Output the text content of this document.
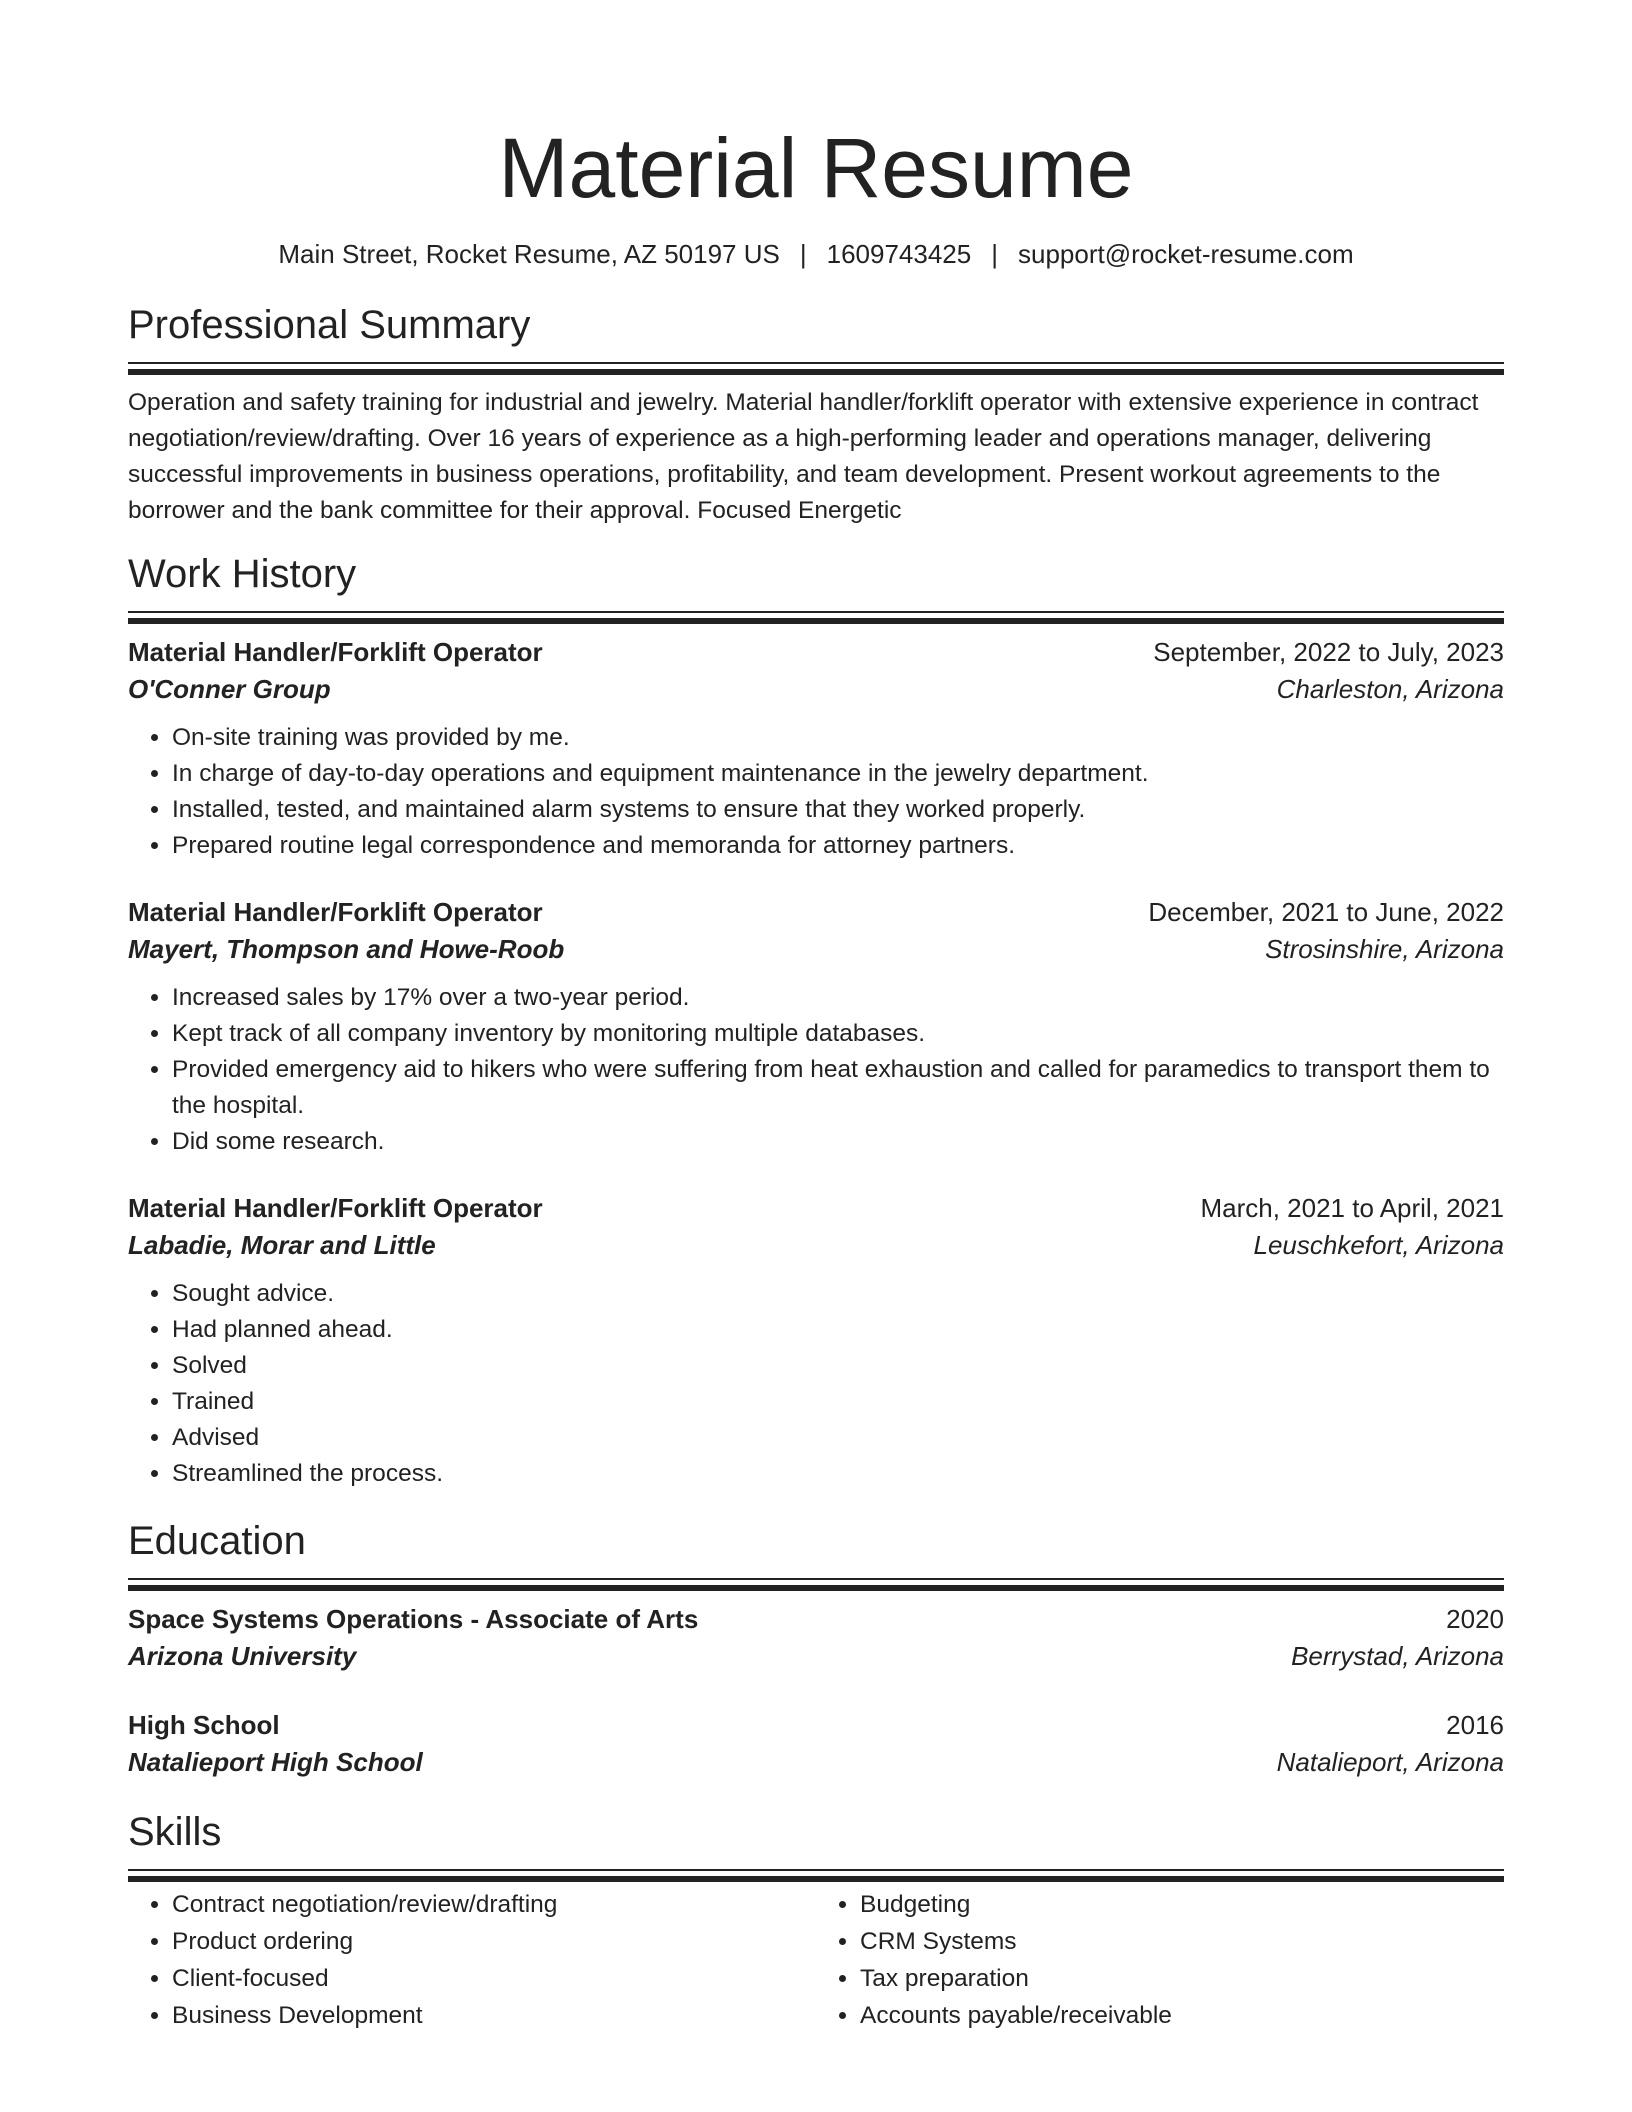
Material Resume
Main Street, Rocket Resume, AZ 50197 US | 1609743425 | support@rocket-resume.com
Professional Summary
Operation and safety training for industrial and jewelry. Material handler/forklift operator with extensive experience in contract negotiation/review/drafting. Over 16 years of experience as a high-performing leader and operations manager, delivering successful improvements in business operations, profitability, and team development. Present workout agreements to the borrower and the bank committee for their approval. Focused Energetic
Work History
Material Handler/Forklift Operator	September, 2022 to July, 2023
O'Conner Group	Charleston, Arizona
• On-site training was provided by me.
• In charge of day-to-day operations and equipment maintenance in the jewelry department.
• Installed, tested, and maintained alarm systems to ensure that they worked properly.
• Prepared routine legal correspondence and memoranda for attorney partners.
Material Handler/Forklift Operator	December, 2021 to June, 2022
Mayert, Thompson and Howe-Roob	Strosinshire, Arizona
• Increased sales by 17% over a two-year period.
• Kept track of all company inventory by monitoring multiple databases.
• Provided emergency aid to hikers who were suffering from heat exhaustion and called for paramedics to transport them to the hospital.
• Did some research.
Material Handler/Forklift Operator	March, 2021 to April, 2021
Labadie, Morar and Little	Leuschkefort, Arizona
• Sought advice.
• Had planned ahead.
• Solved
• Trained
• Advised
• Streamlined the process.
Education
Space Systems Operations - Associate of Arts	2020
Arizona University	Berrystad, Arizona
High School	2016
Natalieport High School	Natalieport, Arizona
Skills
• Contract negotiation/review/drafting
• Product ordering
• Client-focused
• Business Development
• Budgeting
• CRM Systems
• Tax preparation
• Accounts payable/receivable
